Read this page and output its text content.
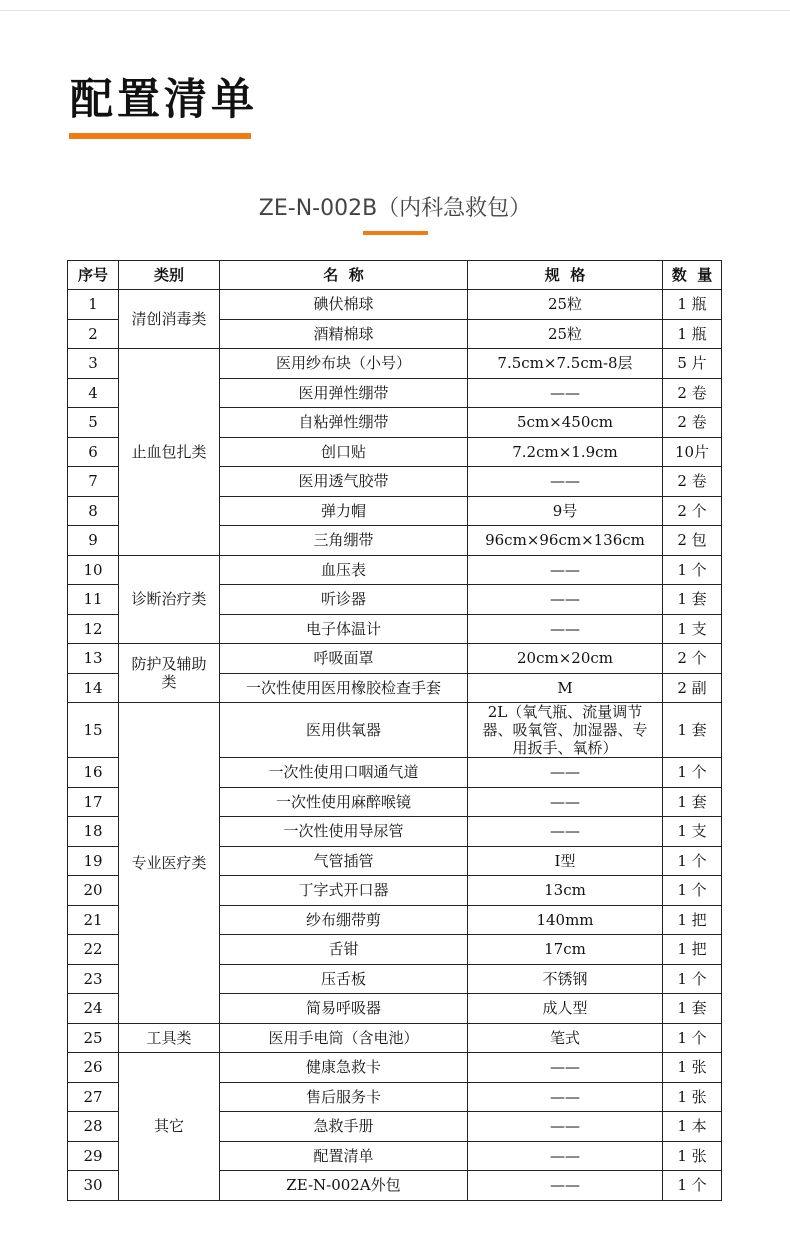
配置清单
ZE-N-002B（内科急救包）
序号	类别	名  称	规  格	数  量
1	清创消毒类	碘伏棉球	25粒	1 瓶
2		酒精棉球	25粒	1 瓶
3	止血包扎类	医用纱布块（小号）	7.5cm×7.5cm-8层	5 片
4		医用弹性绷带	——	2 卷
5		自粘弹性绷带	5cm×450cm	2 卷
6		创口贴	7.2cm×1.9cm	10片
7		医用透气胶带	——	2 卷
8		弹力帽	9号	2 个
9		三角绷带	96cm×96cm×136cm	2 包
10	诊断治疗类	血压表	——	1 个
11		听诊器	——	1 套
12		电子体温计	——	1 支
13	防护及辅助类	呼吸面罩	20cm×20cm	2 个
14		一次性使用医用橡胶检查手套	M	2 副
15	专业医疗类	医用供氧器	2L（氧气瓶、流量调节器、吸氧管、加湿器、专用扳手、氧桥）	1 套
16		一次性使用口咽通气道	——	1 个
17		一次性使用麻醉喉镜	——	1 套
18		一次性使用导尿管	——	1 支
19		气管插管	Ⅰ型	1 个
20		丁字式开口器	13cm	1 个
21		纱布绷带剪	140mm	1 把
22		舌钳	17cm	1 把
23		压舌板	不锈钢	1 个
24		简易呼吸器	成人型	1 套
25	工具类	医用手电筒（含电池）	笔式	1 个
26	其它	健康急救卡	——	1 张
27		售后服务卡	——	1 张
28		急救手册	——	1 本
29		配置清单	——	1 张
30		ZE-N-002A外包	——	1 个
